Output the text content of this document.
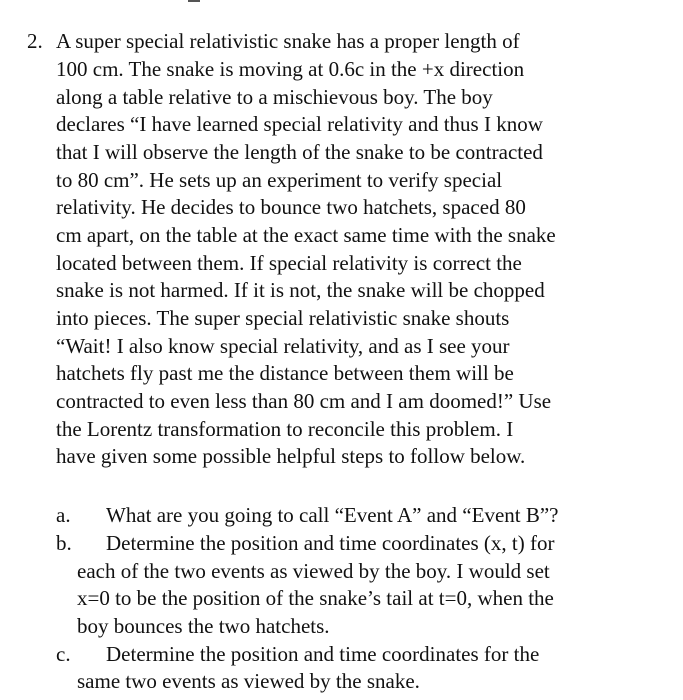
2. A super special relativistic snake has a proper length of
100 cm. The snake is moving at 0.6c in the +x direction
along a table relative to a mischievous boy. The boy
declares “I have learned special relativity and thus I know
that I will observe the length of the snake to be contracted
to 80 cm”. He sets up an experiment to verify special
relativity. He decides to bounce two hatchets, spaced 80
cm apart, on the table at the exact same time with the snake
located between them. If special relativity is correct the
snake is not harmed. If it is not, the snake will be chopped
into pieces. The super special relativistic snake shouts
“Wait! I also know special relativity, and as I see your
hatchets fly past me the distance between them will be
contracted to even less than 80 cm and I am doomed!” Use
the Lorentz transformation to reconcile this problem. I
have given some possible helpful steps to follow below.
a. What are you going to call “Event A” and “Event B”?
b. Determine the position and time coordinates (x, t) for
each of the two events as viewed by the boy. I would set
x=0 to be the position of the snake’s tail at t=0, when the
boy bounces the two hatchets.
c. Determine the position and time coordinates for the
same two events as viewed by the snake.
